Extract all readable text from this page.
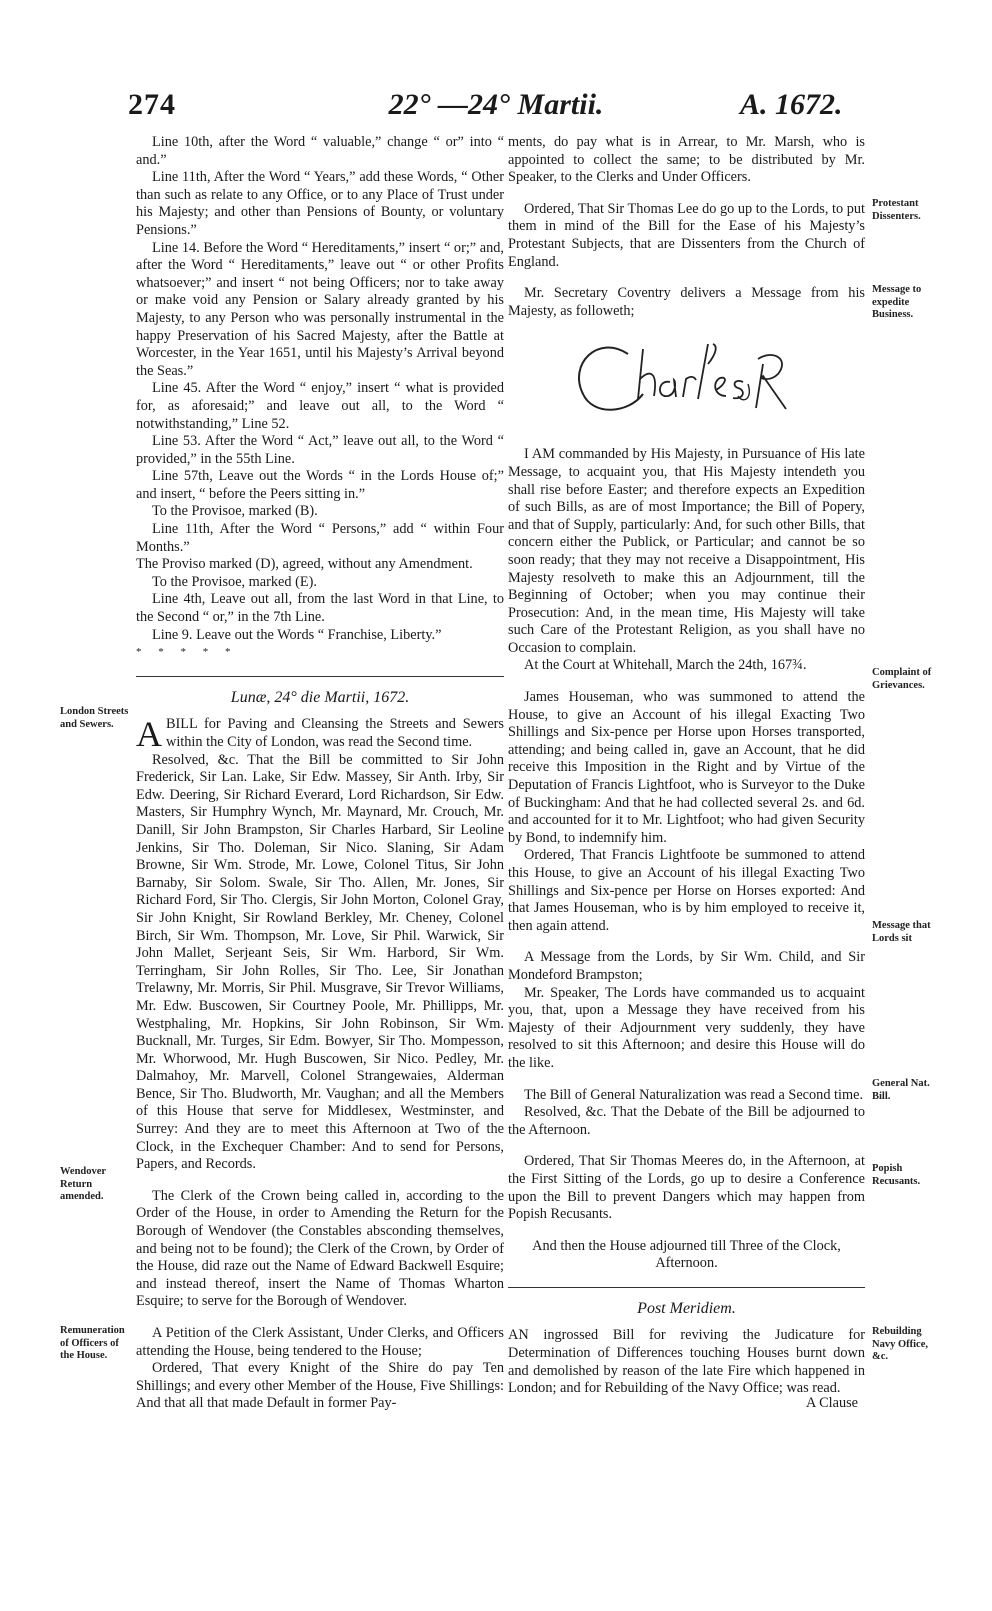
274	22° —24° Martii.	A. 1672.

Line 10th, after the Word “ valuable,” change “ or” into “ and.”

Line 11th, After the Word “ Years,” add these Words, “ Other than such as relate to any Office, or to any Place of Trust under his Majesty; and other than Pensions of Bounty, or voluntary Pensions.”

Line 14. Before the Word “ Hereditaments,” insert “ or;” and, after the Word “ Hereditaments,” leave out “ or other Profits whatsoever;” and insert “ not being Officers; nor to take away or make void any Pension or Salary already granted by his Majesty, to any Person who was personally instrumental in the happy Preservation of his Sacred Majesty, after the Battle at Worcester, in the Year 1651, until his Majesty’s Arrival beyond the Seas.”

Line 45. After the Word “ enjoy,” insert “ what is provided for, as aforesaid;” and leave out all, to the Word “ notwithstanding,” Line 52.

Line 53. After the Word “ Act,” leave out all, to the Word “ provided,” in the 55th Line.

Line 57th, Leave out the Words “ in the Lords House of;” and insert, “ before the Peers sitting in.”

To the Provisoe, marked (B).

Line 11th, After the Word “ Persons,” add “ within Four Months.”

The Proviso marked (D), agreed, without any Amendment.

To the Provisoe, marked (E).

Line 4th, Leave out all, from the last Word in that Line, to the Second “ or,” in the 7th Line.

Line 9. Leave out the Words “ Franchise, Liberty.”

* * * * *

Lunæ, 24° die Martii, 1672.

ABILL for Paving and Cleansing the Streets and Sewers within the City of London, was read the Second time.

Resolved, &c. That the Bill be committed to Sir John Frederick, Sir Lan. Lake, Sir Edw. Massey, Sir Anth. Irby, Sir Edw. Deering, Sir Richard Everard, Lord Richardson, Sir Edw. Masters, Sir Humphry Wynch, Mr. Maynard, Mr. Crouch, Mr. Danill, Sir John Brampston, Sir Charles Harbard, Sir Leoline Jenkins, Sir Tho. Doleman, Sir Nico. Slaning, Sir Adam Browne, Sir Wm. Strode, Mr. Lowe, Colonel Titus, Sir John Barnaby, Sir Solom. Swale, Sir Tho. Allen, Mr. Jones, Sir Richard Ford, Sir Tho. Clergis, Sir John Morton, Colonel Gray, Sir John Knight, Sir Rowland Berkley, Mr. Cheney, Colonel Birch, Sir Wm. Thompson, Mr. Love, Sir Phil. Warwick, Sir John Mallet, Serjeant Seis, Sir Wm. Harbord, Sir Wm. Terringham, Sir John Rolles, Sir Tho. Lee, Sir Jonathan Trelawny, Mr. Morris, Sir Phil. Musgrave, Sir Trevor Williams, Mr. Edw. Buscowen, Sir Courtney Poole, Mr. Phillipps, Mr. Westphaling, Mr. Hopkins, Sir John Robinson, Sir Wm. Bucknall, Mr. Turges, Sir Edm. Bowyer, Sir Tho. Mompesson, Mr. Whorwood, Mr. Hugh Buscowen, Sir Nico. Pedley, Mr. Dalmahoy, Mr. Marvell, Colonel Strangewaies, Alderman Bence, Sir Tho. Bludworth, Mr. Vaughan; and all the Members of this House that serve for Middlesex, Westminster, and Surrey: And they are to meet this Afternoon at Two of the Clock, in the Exchequer Chamber: And to send for Persons, Papers, and Records.

The Clerk of the Crown being called in, according to the Order of the House, in order to Amending the Return for the Borough of Wendover (the Constables absconding themselves, and being not to be found); the Clerk of the Crown, by Order of the House, did raze out the Name of Edward Backwell Esquire; and instead thereof, insert the Name of Thomas Wharton Esquire; to serve for the Borough of Wendover.

A Petition of the Clerk Assistant, Under Clerks, and Officers attending the House, being tendered to the House;

Ordered, That every Knight of the Shire do pay Ten Shillings; and every other Member of the House, Five Shillings: And that all that made Default in former Pay-

ments, do pay what is in Arrear, to Mr. Marsh, who is appointed to collect the same; to be distributed by Mr. Speaker, to the Clerks and Under Officers.

Ordered, That Sir Thomas Lee do go up to the Lords, to put them in mind of the Bill for the Ease of his Majesty’s Protestant Subjects, that are Dissenters from the Church of England.

Mr. Secretary Coventry delivers a Message from his Majesty, as followeth;

I AM commanded by His Majesty, in Pursuance of His late Message, to acquaint you, that His Majesty intendeth you shall rise before Easter; and therefore expects an Expedition of such Bills, as are of most Importance; the Bill of Popery, and that of Supply, particularly: And, for such other Bills, that concern either the Publick, or Particular; and cannot be so soon ready; that they may not receive a Disappointment, His Majesty resolveth to make this an Adjournment, till the Beginning of October; when you may continue their Prosecution: And, in the mean time, His Majesty will take such Care of the Protestant Religion, as you shall have no Occasion to complain.

At the Court at Whitehall, March the 24th, 167¾.

James Houseman, who was summoned to attend the House, to give an Account of his illegal Exacting Two Shillings and Six-pence per Horse upon Horses transported, attending; and being called in, gave an Account, that he did receive this Imposition in the Right and by Virtue of the Deputation of Francis Lightfoot, who is Surveyor to the Duke of Buckingham: And that he had collected several 2s. and 6d. and accounted for it to Mr. Lightfoot; who had given Security by Bond, to indemnify him.

Ordered, That Francis Lightfoote be summoned to attend this House, to give an Account of his illegal Exacting Two Shillings and Six-pence per Horse on Horses exported: And that James Houseman, who is by him employed to receive it, then again attend.

A Message from the Lords, by Sir Wm. Child, and Sir Mondeford Brampston;

Mr. Speaker, The Lords have commanded us to acquaint you, that, upon a Message they have received from his Majesty of their Adjournment very suddenly, they have resolved to sit this Afternoon; and desire this House will do the like.

The Bill of General Naturalization was read a Second time.

Resolved, &c. That the Debate of the Bill be adjourned to the Afternoon.

Ordered, That Sir Thomas Meeres do, in the Afternoon, at the First Sitting of the Lords, go up to desire a Conference upon the Bill to prevent Dangers which may happen from Popish Recusants.

And then the House adjourned till Three of the Clock, Afternoon.

Post Meridiem.

AN ingrossed Bill for reviving the Judicature for Determination of Differences touching Houses burnt down and demolished by reason of the late Fire which happened in London; and for Rebuilding of the Navy Office; was read.

A Clause
London Streets and Sewers.
Wendover Return amended.
Remuneration of Officers of the House.
Protestant Dissenters.
Message to expedite Business.
Complaint of Grievances.
Message that Lords sit
General Nat. Bill.
Popish Recusants.
Rebuilding Navy Office, &c.
